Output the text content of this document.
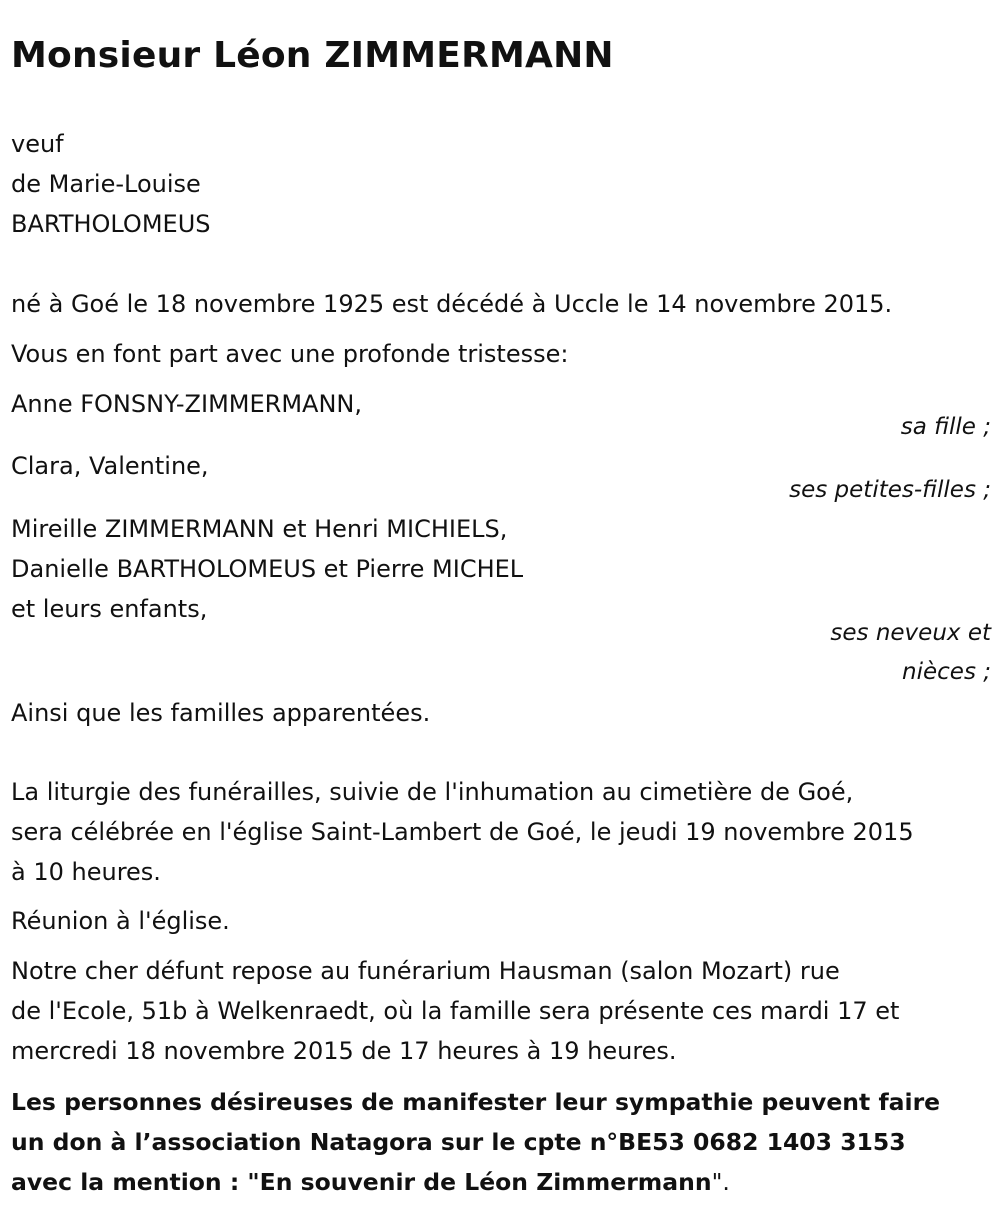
Monsieur Léon ZIMMERMANN
veuf
de Marie-Louise
BARTHOLOMEUS
né à Goé le 18 novembre 1925 est décédé à Uccle le 14 novembre 2015.
Vous en font part avec une profonde tristesse:
Anne FONSNY-ZIMMERMANN,
sa fille ;
Clara, Valentine,
ses petites-filles ;
Mireille ZIMMERMANN et Henri MICHIELS,
Danielle BARTHOLOMEUS et Pierre MICHEL
et leurs enfants,
ses neveux et
nièces ;
Ainsi que les familles apparentées.
La liturgie des funérailles, suivie de l'inhumation au cimetière de Goé,
sera célébrée en l'église Saint-Lambert de Goé, le jeudi 19 novembre 2015
à 10 heures.
Réunion à l'église.
Notre cher défunt repose au funérarium Hausman (salon Mozart) rue
de l'Ecole, 51b à Welkenraedt, où la famille sera présente ces mardi 17 et
mercredi 18 novembre 2015 de 17 heures à 19 heures.
Les personnes désireuses de manifester leur sympathie peuvent faire
un don à l’association Natagora sur le cpte n°BE53 0682 1403 3153
avec la mention : "En souvenir de Léon Zimmermann".
